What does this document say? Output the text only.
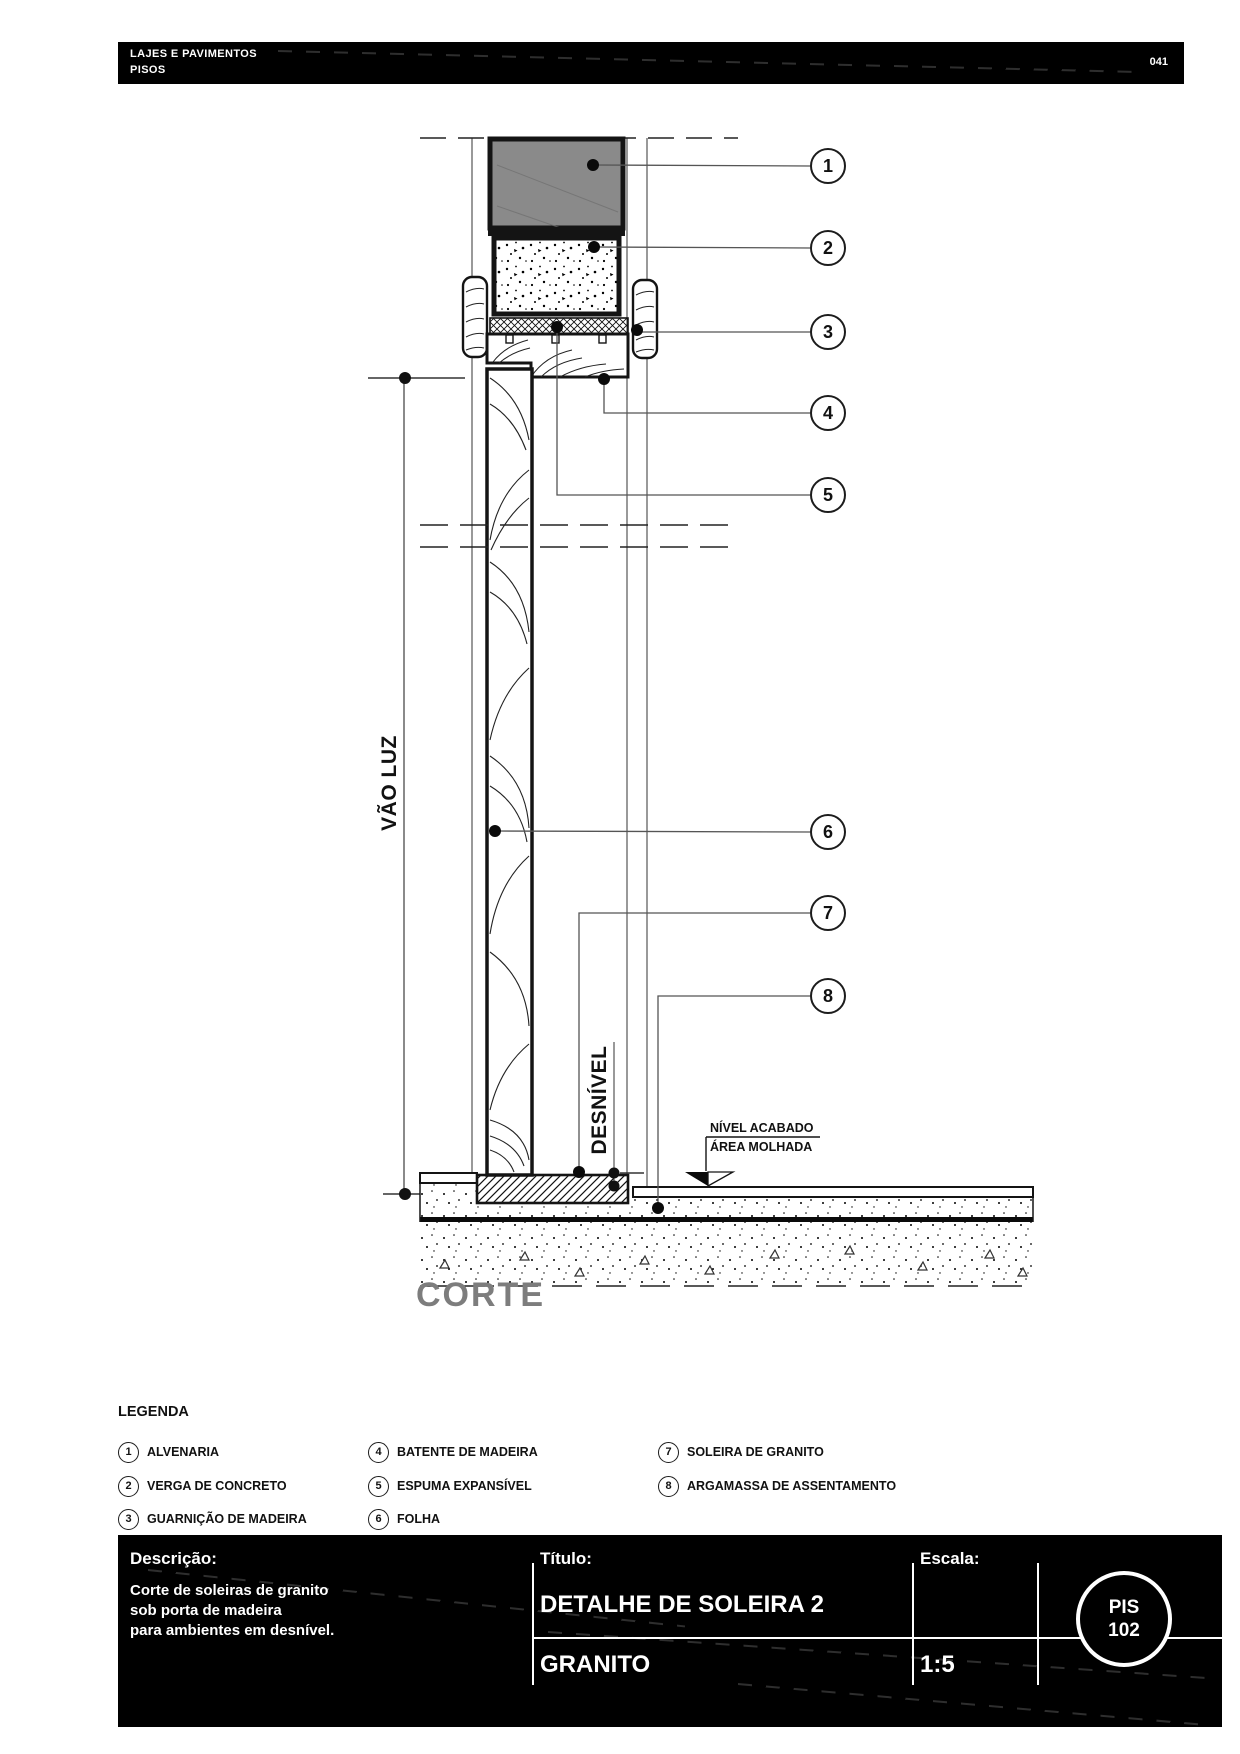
LAJES E PAVIMENTOS
PISOS
041
1
2
3
4
5
6
7
8
VÃO LUZ
DESNÍVEL	NÍVEL ACABADO
ÁREA MOLHADA
CORTE
LEGENDA
1	ALVENARIA
2	VERGA DE CONCRETO
3	GUARNIÇÃO DE MADEIRA
4	BATENTE DE MADEIRA
5	ESPUMA EXPANSÍVEL
6	FOLHA
7	SOLEIRA DE GRANITO
8	ARGAMASSA DE ASSENTAMENTO
Descrição:
Corte de soleiras de granito
sob porta de madeira
para ambientes em desnível.
Título:
DETALHE DE SOLEIRA 2
GRANITO
Escala:
1:5
PIS
102
